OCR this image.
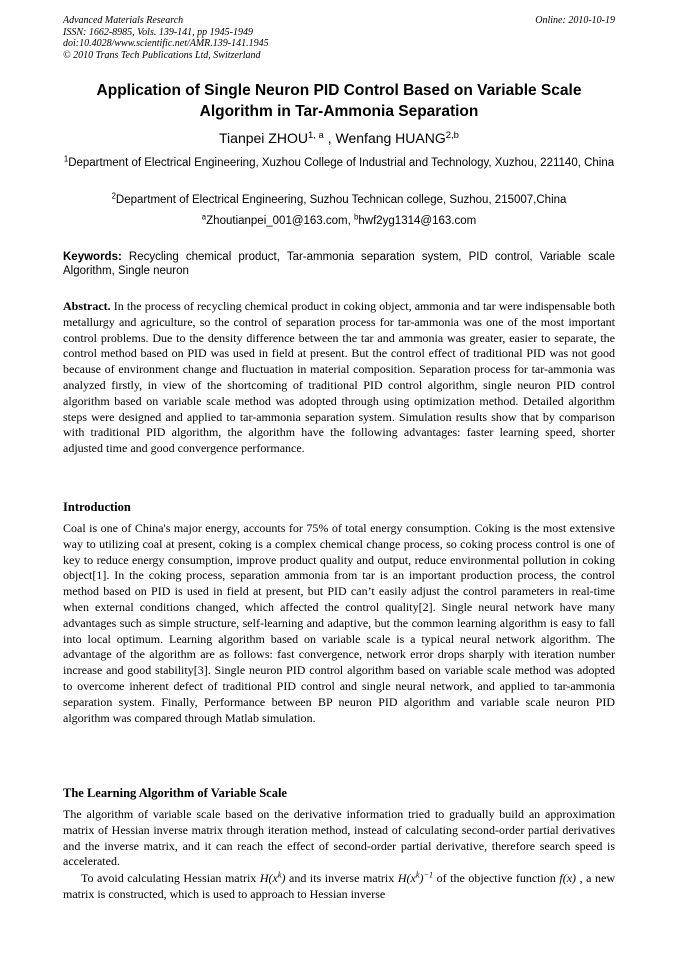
Advanced Materials Research
ISSN: 1662-8985, Vols. 139-141, pp 1945-1949
doi:10.4028/www.scientific.net/AMR.139-141.1945
© 2010 Trans Tech Publications Ltd, Switzerland
Online: 2010-10-19
Application of Single Neuron PID Control Based on Variable Scale Algorithm in Tar-Ammonia Separation
Tianpei ZHOU$^{1, a}$ , Wenfang HUANG$^{2,b}$
$^1$Department of Electrical Engineering, Xuzhou College of Industrial and Technology, Xuzhou, 221140, China
$^2$Department of Electrical Engineering, Suzhou Technican college, Suzhou, 215007,China
$^a$Zhoutianpei_001@163.com, $^b$hwf2yg1314@163.com
Keywords: Recycling chemical product, Tar-ammonia separation system, PID control, Variable scale Algorithm, Single neuron
Abstract. In the process of recycling chemical product in coking object, ammonia and tar were indispensable both metallurgy and agriculture, so the control of separation process for tar-ammonia was one of the most important control problems. Due to the density difference between the tar and ammonia was greater, easier to separate, the control method based on PID was used in field at present. But the control effect of traditional PID was not good because of environment change and fluctuation in material composition. Separation process for tar-ammonia was analyzed firstly, in view of the shortcoming of traditional PID control algorithm, single neuron PID control algorithm based on variable scale method was adopted through using optimization method. Detailed algorithm steps were designed and applied to tar-ammonia separation system. Simulation results show that by comparison with traditional PID algorithm, the algorithm have the following advantages: faster learning speed, shorter adjusted time and good convergence performance.
Introduction
Coal is one of China's major energy, accounts for 75% of total energy consumption. Coking is the most extensive way to utilizing coal at present, coking is a complex chemical change process, so coking process control is one of key to reduce energy consumption, improve product quality and output, reduce environmental pollution in coking object[1]. In the coking process, separation ammonia from tar is an important production process, the control method based on PID is used in field at present, but PID can’t easily adjust the control parameters in real-time when external conditions changed, which affected the control quality[2]. Single neural network have many advantages such as simple structure, self-learning and adaptive, but the common learning algorithm is easy to fall into local optimum. Learning algorithm based on variable scale is a typical neural network algorithm. The advantage of the algorithm are as follows: fast convergence, network error drops sharply with iteration number increase and good stability[3]. Single neuron PID control algorithm based on variable scale method was adopted to overcome inherent defect of traditional PID control and single neural network, and applied to tar-ammonia separation system. Finally, Performance between BP neuron PID algorithm and variable scale neuron PID algorithm was compared through Matlab simulation.
The Learning Algorithm of Variable Scale
The algorithm of variable scale based on the derivative information tried to gradually build an approximation matrix of Hessian inverse matrix through iteration method, instead of calculating second-order partial derivatives and the inverse matrix, and it can reach the effect of second-order partial derivative, therefore search speed is accelerated.
To avoid calculating Hessian matrix $H(x^k)$ and its inverse matrix $H(x^k)^{-1}$ of the objective function f(x) , a new matrix is constructed, which is used to approach to Hessian inverse
